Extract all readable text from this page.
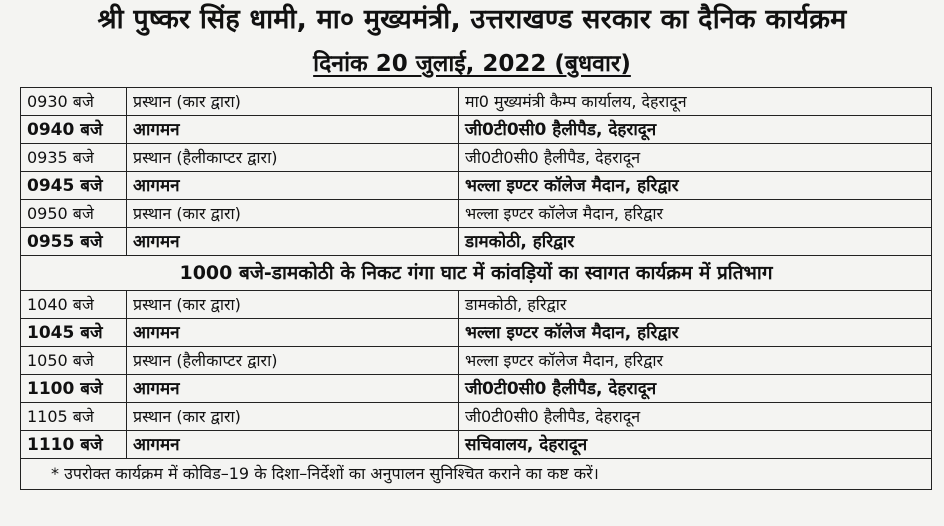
श्री पुष्कर सिंह धामी, मा० मुख्यमंत्री, उत्तराखण्ड सरकार का दैनिक कार्यक्रम
दिनांक 20 जुलाई, 2022 (बुधवार)
0930 बजे	प्रस्थान (कार द्वारा)	मा0 मुख्यमंत्री कैम्प कार्यालय, देहरादून
0940 बजे	आगमन	जी0टी0सी0 हैलीपैड, देहरादून
0935 बजे	प्रस्थान (हैलीकाप्टर द्वारा)	जी0टी0सी0 हैलीपैड, देहरादून
0945 बजे	आगमन	भल्ला इण्टर कॉलेज मैदान, हरिद्वार
0950 बजे	प्रस्थान (कार द्वारा)	भल्ला इण्टर कॉलेज मैदान, हरिद्वार
0955 बजे	आगमन	डामकोठी, हरिद्वार
1000 बजे-डामकोठी के निकट गंगा घाट में कांवड़ियों का स्वागत कार्यक्रम में प्रतिभाग		
1040 बजे	प्रस्थान (कार द्वारा)	डामकोठी, हरिद्वार
1045 बजे	आगमन	भल्ला इण्टर कॉलेज मैदान, हरिद्वार
1050 बजे	प्रस्थान (हैलीकाप्टर द्वारा)	भल्ला इण्टर कॉलेज मैदान, हरिद्वार
1100 बजे	आगमन	जी0टी0सी0 हैलीपैड, देहरादून
1105 बजे	प्रस्थान (कार द्वारा)	जी0टी0सी0 हैलीपैड, देहरादून
1110 बजे	आगमन	सचिवालय, देहरादून
* उपरोक्त कार्यक्रम में कोविड–19 के दिशा–निर्देशों का अनुपालन सुनिश्चित कराने का कष्ट करें।		
